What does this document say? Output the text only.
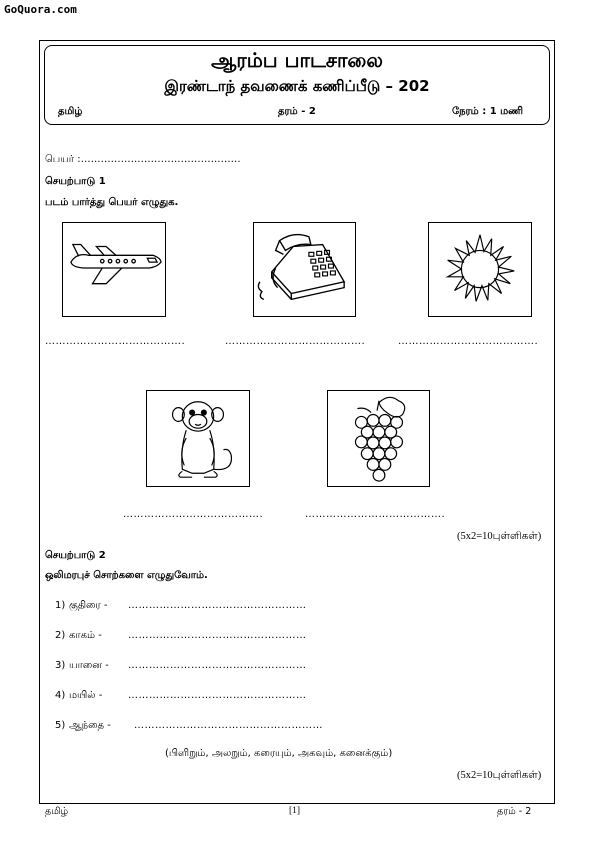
GoQuora.com
ஆரம்ப பாடசாலை
இரண்டாந் தவணைக் கணிப்பீடு – 202
தமிழ்	தரம் - 2	நேரம் : 1 மணி
பெயர் :…………………………………………
செயற்பாடு 1
படம் பார்த்து பெயர் எழுதுக.
………………………………….	………………………………….	………………………………….
………………………………….	………………………………….
(5x2=10புள்ளிகள்)
செயற்பாடு 2
ஒலிமரபுச் சொற்களை எழுதுவோம்.
1) குதிரை - ……………………………………………
2) காகம் -	……………………………………………
3) யானை - ……………………………………………
4) மயில் -	……………………………………………
5) ஆந்தை - ………………………………………………
(பிளிறும், அலறும், கரையும், அகவும், கனைக்கும்)
(5x2=10புள்ளிகள்)
தமிழ்	[1]	தரம் - 2
